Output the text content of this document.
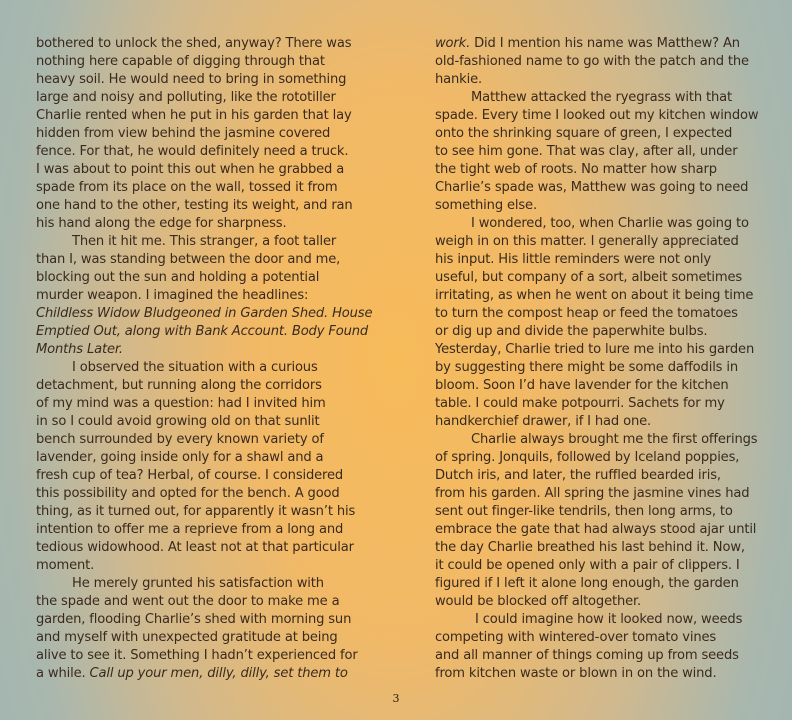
bothered to unlock the shed, anyway? There was
nothing here capable of digging through that
heavy soil. He would need to bring in something
large and noisy and polluting, like the rototiller
Charlie rented when he put in his garden that lay
hidden from view behind the jasmine covered
fence. For that, he would definitely need a truck.
I was about to point this out when he grabbed a
spade from its place on the wall, tossed it from
one hand to the other, testing its weight, and ran
his hand along the edge for sharpness.
Then it hit me. This stranger, a foot taller
than I, was standing between the door and me,
blocking out the sun and holding a potential
murder weapon. I imagined the headlines:
Childless Widow Bludgeoned in Garden Shed. House
Emptied Out, along with Bank Account. Body Found
Months Later.
I observed the situation with a curious
detachment, but running along the corridors
of my mind was a question: had I invited him
in so I could avoid growing old on that sunlit
bench surrounded by every known variety of
lavender, going inside only for a shawl and a
fresh cup of tea? Herbal, of course. I considered
this possibility and opted for the bench. A good
thing, as it turned out, for apparently it wasn’t his
intention to offer me a reprieve from a long and
tedious widowhood. At least not at that particular
moment.
He merely grunted his satisfaction with
the spade and went out the door to make me a
garden, flooding Charlie’s shed with morning sun
and myself with unexpected gratitude at being
alive to see it. Something I hadn’t experienced for
a while. Call up your men, dilly, dilly, set them to
work. Did I mention his name was Matthew? An
old-fashioned name to go with the patch and the
hankie.
Matthew attacked the ryegrass with that
spade. Every time I looked out my kitchen window
onto the shrinking square of green, I expected
to see him gone. That was clay, after all, under
the tight web of roots. No matter how sharp
Charlie’s spade was, Matthew was going to need
something else.
I wondered, too, when Charlie was going to
weigh in on this matter. I generally appreciated
his input. His little reminders were not only
useful, but company of a sort, albeit sometimes
irritating, as when he went on about it being time
to turn the compost heap or feed the tomatoes
or dig up and divide the paperwhite bulbs.
Yesterday, Charlie tried to lure me into his garden
by suggesting there might be some daffodils in
bloom. Soon I’d have lavender for the kitchen
table. I could make potpourri. Sachets for my
handkerchief drawer, if I had one.
Charlie always brought me the first offerings
of spring. Jonquils, followed by Iceland poppies,
Dutch iris, and later, the ruffled bearded iris,
from his garden. All spring the jasmine vines had
sent out finger-like tendrils, then long arms, to
embrace the gate that had always stood ajar until
the day Charlie breathed his last behind it. Now,
it could be opened only with a pair of clippers. I
figured if I left it alone long enough, the garden
would be blocked off altogether.
I could imagine how it looked now, weeds
competing with wintered-over tomato vines
and all manner of things coming up from seeds
from kitchen waste or blown in on the wind.
3
